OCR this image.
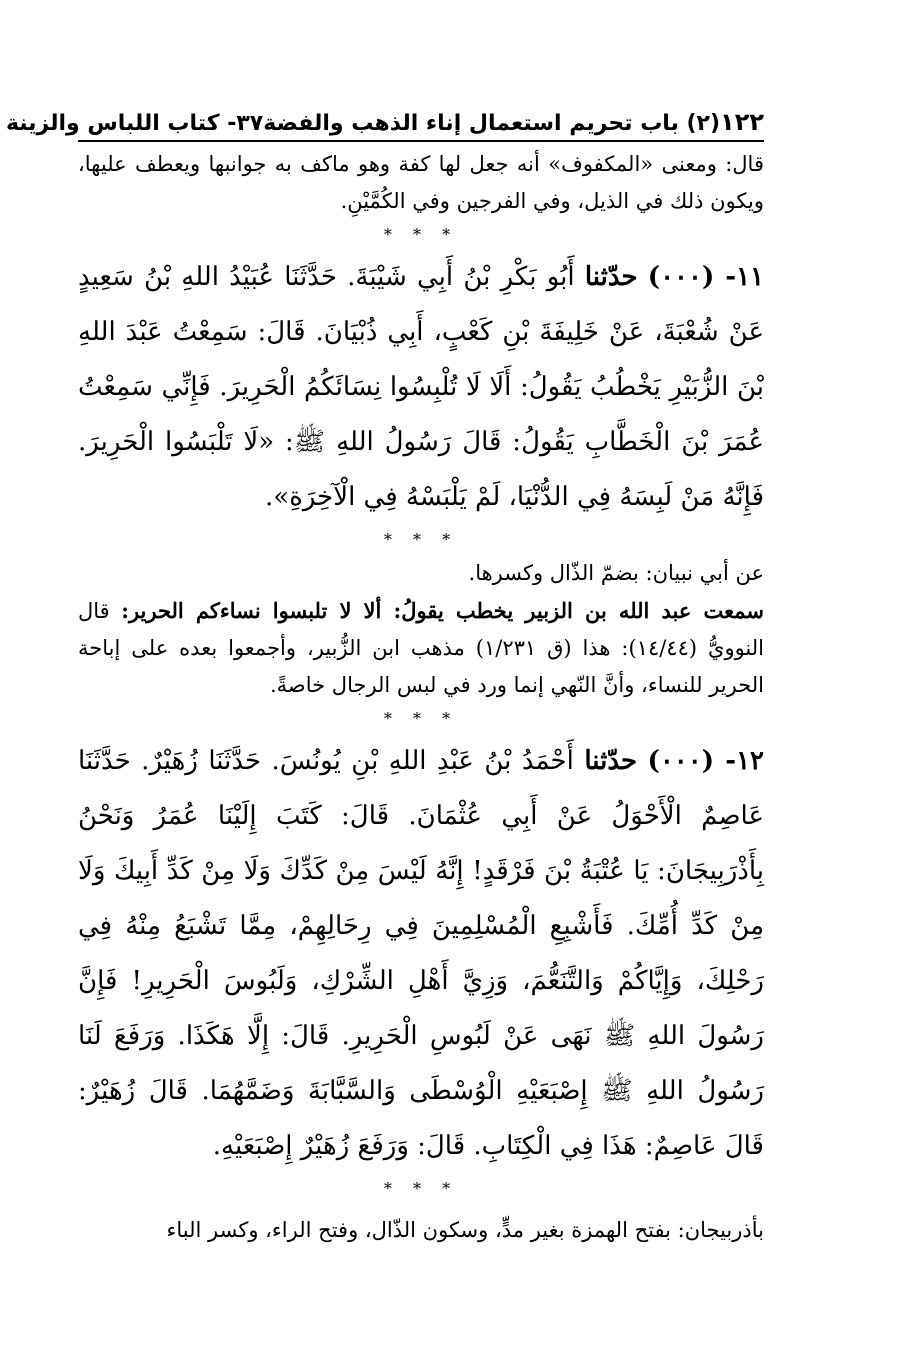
١٢٢
(٢) باب تحريم استعمال إناء الذهب والفضة٣٧- كتاب اللباس والزينة

قال: ومعنى «المكفوف» أنه جعل لها كفة وهو ماكف به جوانبها ويعطف عليها، ويكون ذلك في الذيل، وفي الفرجين وفي الكُمَّيْنِ.

* * *

١١- (٠٠٠) حدّثنا أَبُو بَكْرِ بْنُ أَبِي شَيْبَةَ. حَدَّثَنَا عُبَيْدُ اللهِ بْنُ سَعِيدٍ عَنْ شُعْبَةَ، عَنْ خَلِيفَةَ بْنِ كَعْبٍ، أَبِي ذُبْيَانَ. قَالَ: سَمِعْتُ عَبْدَ اللهِ بْنَ الزُّبَيْرِ يَخْطُبُ يَقُولُ: أَلَا لَا تُلْبِسُوا نِسَائَكُمُ الْحَرِيرَ. فَإِنِّي سَمِعْتُ عُمَرَ بْنَ الْخَطَّابِ يَقُولُ: قَالَ رَسُولُ اللهِ ﷺ: «لَا تَلْبَسُوا الْحَرِيرَ. فَإِنَّهُ مَنْ لَبِسَهُ فِي الدُّنْيَا، لَمْ يَلْبَسْهُ فِي الْآخِرَةِ».

* * *

عن أبي نبيان: بضمّ الذّال وكسرها.

سمعت عبد الله بن الزبير يخطب يقولُ: ألا لا تلبسوا نساءكم الحرير: قال النوويُّ (١٤/٤٤): هذا (ق ١/٢٣١) مذهب ابن الزُّبير، وأجمعوا بعده على إباحة الحرير للنساء، وأنَّ النّهي إنما ورد في لبس الرجال خاصةً.

* * *

١٢- (٠٠٠) حدّثنا أَحْمَدُ بْنُ عَبْدِ اللهِ بْنِ يُونُسَ. حَدَّثَنَا زُهَيْرٌ. حَدَّثَنَا عَاصِمٌ الْأَحْوَلُ عَنْ أَبِي عُثْمَانَ. قَالَ: كَتَبَ إِلَيْنَا عُمَرُ وَنَحْنُ بِأَذْرَبِيجَانَ: يَا عُتْبَةُ بْنَ فَرْقَدٍ! إِنَّهُ لَيْسَ مِنْ كَدِّكَ وَلَا مِنْ كَدِّ أَبِيكَ وَلَا مِنْ كَدِّ أُمِّكَ. فَأَشْبِعِ الْمُسْلِمِينَ فِي رِحَالِهِمْ، مِمَّا تَشْبَعُ مِنْهُ فِي رَحْلِكَ، وَإِيَّاكُمْ وَالتَّنَعُّمَ، وَزِيَّ أَهْلِ الشِّرْكِ، وَلَبُوسَ الْحَرِيرِ! فَإِنَّ رَسُولَ اللهِ ﷺ نَهَى عَنْ لَبُوسِ الْحَرِيرِ. قَالَ: إِلَّا هَكَذَا. وَرَفَعَ لَنَا رَسُولُ اللهِ ﷺ إِصْبَعَيْهِ الْوُسْطَى وَالسَّبَّابَةَ وَضَمَّهُمَا. قَالَ زُهَيْرٌ: قَالَ عَاصِمٌ: هَذَا فِي الْكِتَابِ. قَالَ: وَرَفَعَ زُهَيْرٌ إِصْبَعَيْهِ.

* * *

بأذربيجان: بفتح الهمزة بغير مدٍّ، وسكون الذّال، وفتح الراء، وكسر الباء
